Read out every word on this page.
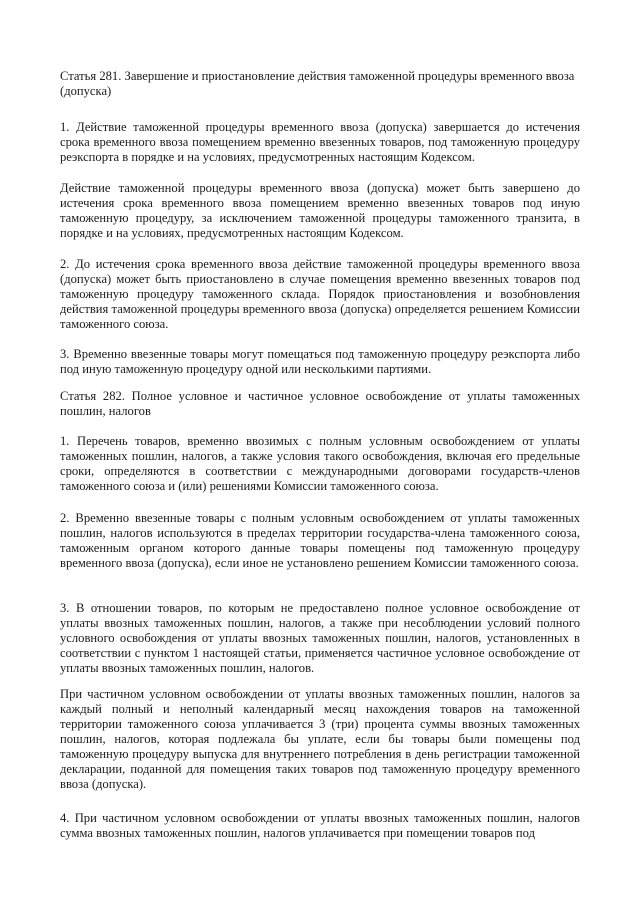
Статья 281. Завершение и приостановление действия таможенной процедуры временного ввоза (допуска)

1. Действие таможенной процедуры временного ввоза (допуска) завершается до истечения срока временного ввоза помещением временно ввезенных товаров, под таможенную процедуру реэкспорта в порядке и на условиях, предусмотренных настоящим Кодексом.

Действие таможенной процедуры временного ввоза (допуска) может быть завершено до истечения срока временного ввоза помещением временно ввезенных товаров под иную таможенную процедуру, за исключением таможенной процедуры таможенного транзита, в порядке и на условиях, предусмотренных настоящим Кодексом.

2. До истечения срока временного ввоза действие таможенной процедуры временного ввоза (допуска) может быть приостановлено в случае помещения временно ввезенных товаров под таможенную процедуру таможенного склада. Порядок приостановления и возобновления действия таможенной процедуры временного ввоза (допуска) определяется решением Комиссии таможенного союза.

3. Временно ввезенные товары могут помещаться под таможенную процедуру реэкспорта либо под иную таможенную процедуру одной или несколькими партиями.

Статья 282. Полное условное и частичное условное освобождение от уплаты таможенных пошлин, налогов

1. Перечень товаров, временно ввозимых с полным условным освобождением от уплаты таможенных пошлин, налогов, а также условия такого освобождения, включая его предельные сроки, определяются в соответствии с международными договорами государств-членов таможенного союза и (или) решениями Комиссии таможенного союза.

2. Временно ввезенные товары с полным условным освобождением от уплаты таможенных пошлин, налогов используются в пределах территории государства-члена таможенного союза, таможенным органом которого данные товары помещены под таможенную процедуру временного ввоза (допуска), если иное не установлено решением Комиссии таможенного союза.

3. В отношении товаров, по которым не предоставлено полное условное освобождение от уплаты ввозных таможенных пошлин, налогов, а также при несоблюдении условий полного условного освобождения от уплаты ввозных таможенных пошлин, налогов, установленных в соответствии с пунктом 1 настоящей статьи, применяется частичное условное освобождение от уплаты ввозных таможенных пошлин, налогов.

При частичном условном освобождении от уплаты ввозных таможенных пошлин, налогов за каждый полный и неполный календарный месяц нахождения товаров на таможенной территории таможенного союза уплачивается 3 (три) процента суммы ввозных таможенных пошлин, налогов, которая подлежала бы уплате, если бы товары были помещены под таможенную процедуру выпуска для внутреннего потребления в день регистрации таможенной декларации, поданной для помещения таких товаров под таможенную процедуру временного ввоза (допуска).

4. При частичном условном освобождении от уплаты ввозных таможенных пошлин, налогов сумма ввозных таможенных пошлин, налогов уплачивается при помещении товаров под
